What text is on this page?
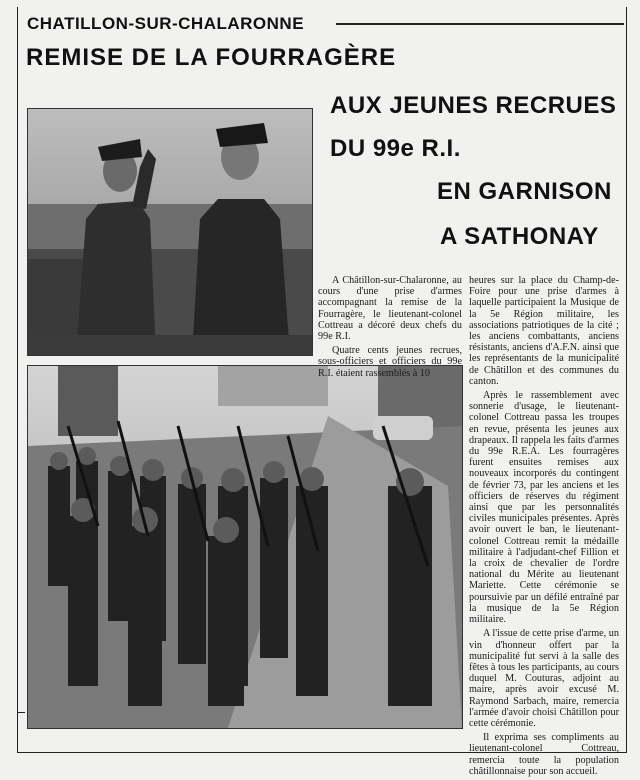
CHATILLON-SUR-CHALARONNE
REMISE DE LA FOURRAGÈRE
AUX JEUNES RECRUES
DU 99e R.I.
EN GARNISON
A SATHONAY

A Châtillon-sur-Chalaronne, au cours d'une prise d'armes accompagnant la remise de la Fourragère, le lieutenant-colonel Cottreau a décoré deux chefs du 99e R.I.

Quatre cents jeunes recrues, sous-officiers et officiers du 99e R.I. étaient rassemblés à 10

heures sur la place du Champ-de-Foire pour une prise d'armes à laquelle participaient la Musique de la 5e Région militaire, les associations patriotiques de la cité ; les anciens combattants, anciens résistants, anciens d'A.F.N. ainsi que les représentants de la municipalité de Châtillon et des communes du canton.

Après le rassemblement avec sonnerie d'usage, le lieutenant-colonel Cottreau passa les troupes en revue, présenta les jeunes aux drapeaux. Il rappela les faits d'armes du 99e R.E.A. Les fourragères furent ensuites remises aux nouveaux incorporés du contingent de février 73, par les anciens et les officiers de réserves du régiment ainsi que par les personnalités civiles municipales présentes. Après avoir ouvert le ban, le lieutenant-colonel Cottreau remit la médaille militaire à l'adjudant-chef Fillion et la croix de chevalier de l'ordre national du Mérite au lieutenant Mariette. Cette cérémonie se poursuivie par un défilé entraîné par la musique de la 5e Région militaire.

A l'issue de cette prise d'arme, un vin d'honneur offert par la municipalité fut servi à la salle des fêtes à tous les participants, au cours duquel M. Couturas, adjoint au maire, après avoir excusé M. Raymond Sarbach, maire, remercia l'armée d'avoir choisi Châtillon pour cette cérémonie.

Il exprima ses compliments au lieutenant-colonel Cottreau, remercia toute la population châtillonnaise pour son accueil.
